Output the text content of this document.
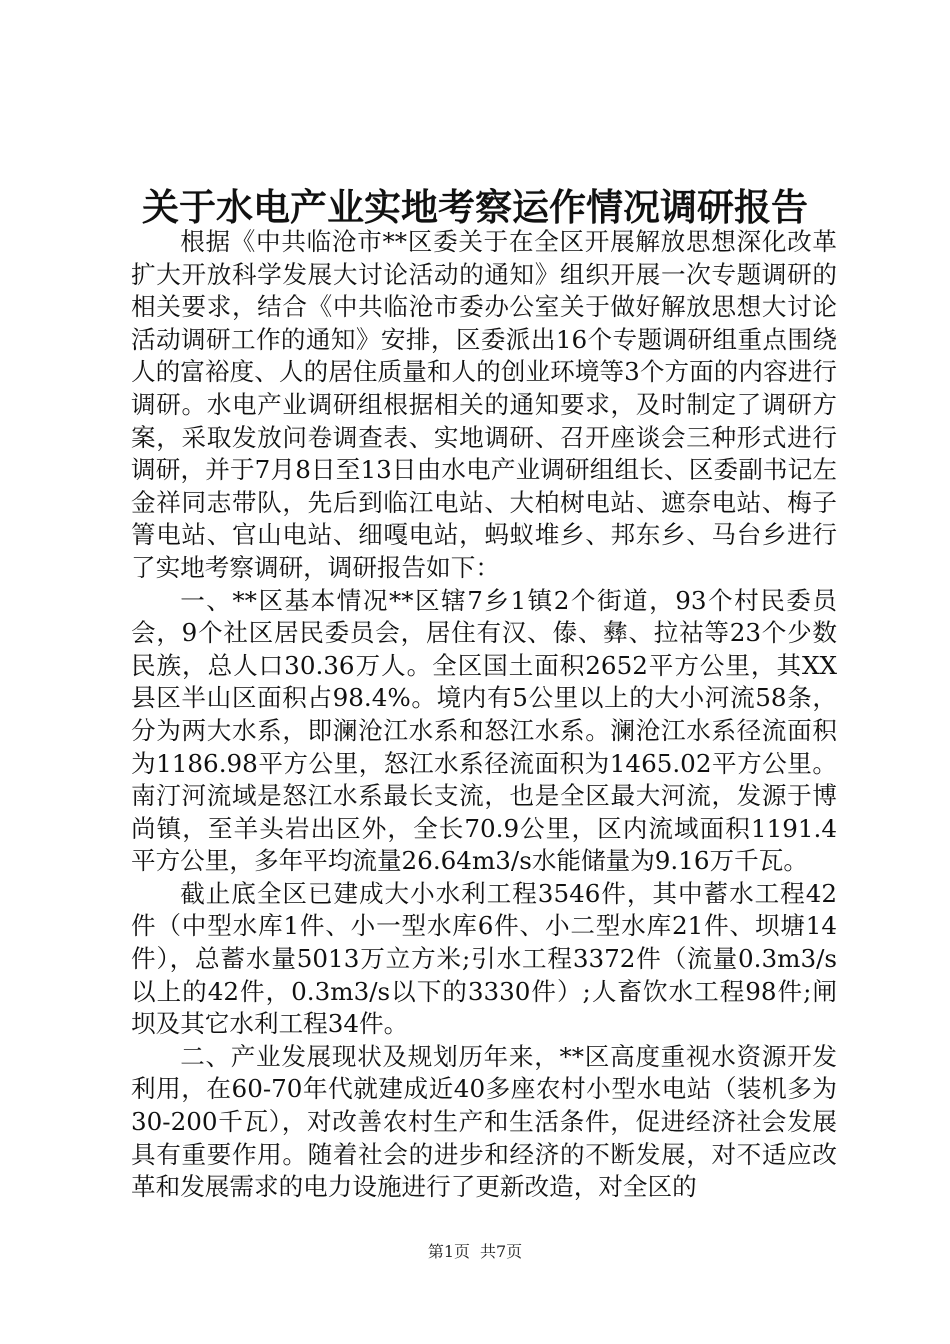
关于水电产业实地考察运作情况调研报告

根据《中共临沧市**区委关于在全区开展解放思想深化改革扩大开放科学发展大讨论活动的通知》组织开展一次专题调研的相关要求，结合《中共临沧市委办公室关于做好解放思想大讨论活动调研工作的通知》安排，区委派出16个专题调研组重点围绕人的富裕度、人的居住质量和人的创业环境等3个方面的内容进行调研。水电产业调研组根据相关的通知要求，及时制定了调研方案，采取发放问卷调查表、实地调研、召开座谈会三种形式进行调研，并于7月8日至13日由水电产业调研组组长、区委副书记左金祥同志带队，先后到临江电站、大柏树电站、遮奈电站、梅子箐电站、官山电站、细嘎电站，蚂蚁堆乡、邦东乡、马台乡进行了实地考察调研，调研报告如下：

一、**区基本情况**区辖7乡1镇2个街道，93个村民委员会，9个社区居民委员会，居住有汉、傣、彝、拉祜等23个少数民族，总人口30.36万人。全区国土面积2652平方公里，其XX县区半山区面积占98.4%。境内有5公里以上的大小河流58条，分为两大水系，即澜沧江水系和怒江水系。澜沧江水系径流面积为1186.98平方公里，怒江水系径流面积为1465.02平方公里。南汀河流域是怒江水系最长支流，也是全区最大河流，发源于博尚镇，至羊头岩出区外，全长70.9公里，区内流域面积1191.4平方公里，多年平均流量26.64m3/s水能储量为9.16万千瓦。

截止底全区已建成大小水利工程3546件，其中蓄水工程42件（中型水库1件、小一型水库6件、小二型水库21件、坝塘14件），总蓄水量5013万立方米;引水工程3372件（流量0.3m3/s以上的42件，0.3m3/s以下的3330件）;人畜饮水工程98件;闸坝及其它水利工程34件。

二、产业发展现状及规划历年来，**区高度重视水资源开发利用，在60-70年代就建成近40多座农村小型水电站（装机多为30-200千瓦），对改善农村生产和生活条件，促进经济社会发展具有重要作用。随着社会的进步和经济的不断发展，对不适应改革和发展需求的电力设施进行了更新改造，对全区的

第1页 共7页
